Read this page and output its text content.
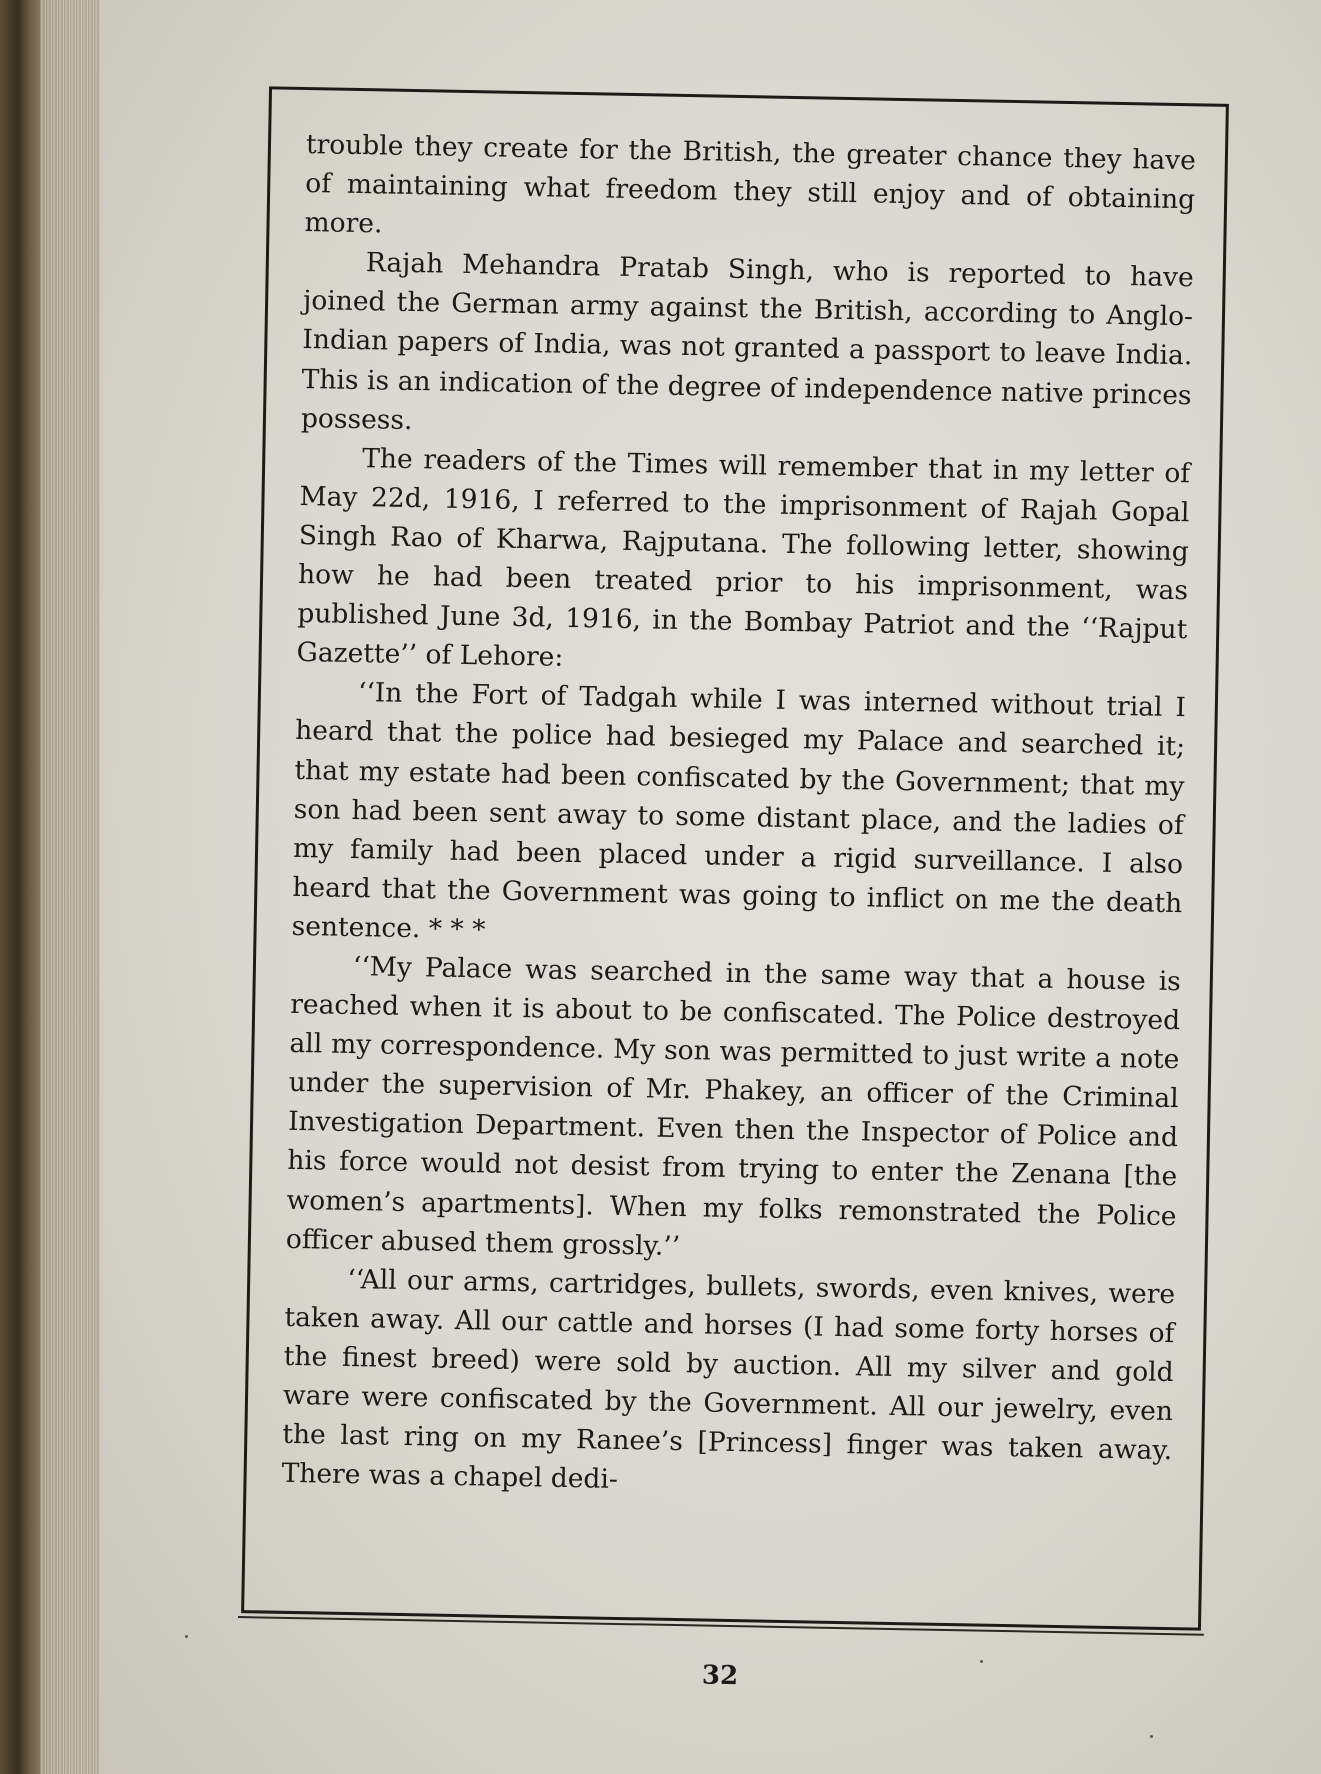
trouble they create for the British, the greater chance they have of maintaining what freedom they still enjoy and of obtaining more.

Rajah Mehandra Pratab Singh, who is reported to have joined the German army against the British, according to Anglo-Indian papers of India, was not granted a passport to leave India. This is an indication of the degree of independence native princes possess.

The readers of the Times will remember that in my letter of May 22d, 1916, I referred to the imprisonment of Rajah Gopal Singh Rao of Kharwa, Rajputana. The following letter, showing how he had been treated prior to his imprisonment, was published June 3d, 1916, in the Bombay Patriot and the ‘‘Rajput Gazette’’ of Lehore:

‘‘In the Fort of Tadgah while I was interned without trial I heard that the police had besieged my Palace and searched it; that my estate had been confiscated by the Government; that my son had been sent away to some distant place, and the ladies of my family had been placed under a rigid surveillance. I also heard that the Government was going to inflict on me the death sentence. * * *

‘‘My Palace was searched in the same way that a house is reached when it is about to be confiscated. The Police destroyed all my correspondence. My son was permitted to just write a note under the supervision of Mr. Phakey, an officer of the Criminal Investigation Department. Even then the Inspector of Police and his force would not desist from trying to enter the Zenana [the women’s apartments]. When my folks remonstrated the Police officer abused them grossly.’’

‘‘All our arms, cartridges, bullets, swords, even knives, were taken away. All our cattle and horses (I had some forty horses of the finest breed) were sold by auction. All my silver and gold ware were confiscated by the Government. All our jewelry, even the last ring on my Ranee’s [Princess] finger was taken away. There was a chapel dedi-

32
